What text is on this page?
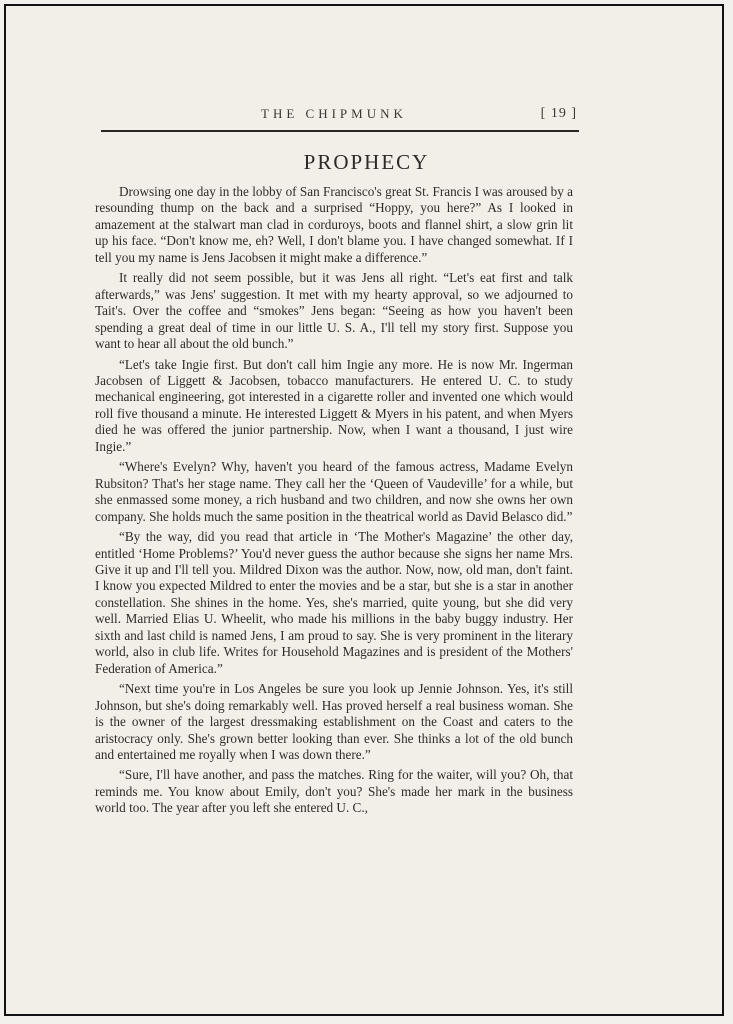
THE CHIPMUNK	[ 19 ]
PROPHECY

Drowsing one day in the lobby of San Francisco's great St. Francis I was aroused by a resounding thump on the back and a surprised “Hoppy, you here?” As I looked in amazement at the stalwart man clad in corduroys, boots and flannel shirt, a slow grin lit up his face. “Don't know me, eh? Well, I don't blame you. I have changed somewhat. If I tell you my name is Jens Jacobsen it might make a difference.”

It really did not seem possible, but it was Jens all right. “Let's eat first and talk afterwards,” was Jens' suggestion. It met with my hearty approval, so we adjourned to Tait's. Over the coffee and “smokes” Jens began: “Seeing as how you haven't been spending a great deal of time in our little U. S. A., I'll tell my story first. Suppose you want to hear all about the old bunch.”

“Let's take Ingie first. But don't call him Ingie any more. He is now Mr. Ingerman Jacobsen of Liggett & Jacobsen, tobacco manufacturers. He entered U. C. to study mechanical engineering, got interested in a cigarette roller and invented one which would roll five thousand a minute. He interested Liggett & Myers in his patent, and when Myers died he was offered the junior partnership. Now, when I want a thousand, I just wire Ingie.”

“Where's Evelyn? Why, haven't you heard of the famous actress, Madame Evelyn Rubsiton? That's her stage name. They call her the ‘Queen of Vaudeville’ for a while, but she enmassed some money, a rich husband and two children, and now she owns her own company. She holds much the same position in the theatrical world as David Belasco did.”

“By the way, did you read that article in ‘The Mother's Magazine’ the other day, entitled ‘Home Problems?’ You'd never guess the author because she signs her name Mrs. Give it up and I'll tell you. Mildred Dixon was the author. Now, now, old man, don't faint. I know you expected Mildred to enter the movies and be a star, but she is a star in another constellation. She shines in the home. Yes, she's married, quite young, but she did very well. Married Elias U. Wheelit, who made his millions in the baby buggy industry. Her sixth and last child is named Jens, I am proud to say. She is very prominent in the literary world, also in club life. Writes for Household Magazines and is president of the Mothers' Federation of America.”

“Next time you're in Los Angeles be sure you look up Jennie Johnson. Yes, it's still Johnson, but she's doing remarkably well. Has proved herself a real business woman. She is the owner of the largest dressmaking establishment on the Coast and caters to the aristocracy only. She's grown better looking than ever. She thinks a lot of the old bunch and entertained me royally when I was down there.”

“Sure, I'll have another, and pass the matches. Ring for the waiter, will you? Oh, that reminds me. You know about Emily, don't you? She's made her mark in the business world too. The year after you left she entered U. C.,
